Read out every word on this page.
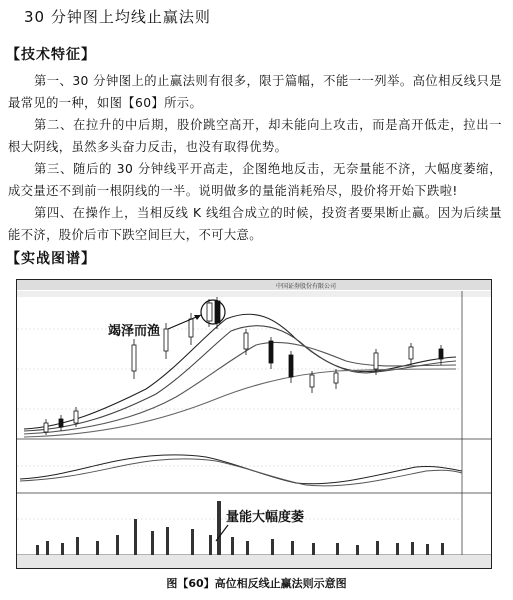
30 分钟图上均线止赢法则
【技术特征】
第一、30 分钟图上的止赢法则有很多，限于篇幅，不能一一列举。高位相反线只是最常见的一种，如图【60】所示。
第二、在拉升的中后期，股价跳空高开，却未能向上攻击，而是高开低走，拉出一根大阴线，虽然多头奋力反击，也没有取得优势。
第三、随后的 30 分钟线平开高走，企图绝地反击，无奈量能不济，大幅度萎缩，成交量还不到前一根阴线的一半。说明做多的量能消耗殆尽，股价将开始下跌啦!
第四、在操作上，当相反线 K 线组合成立的时候，投资者要果断止赢。因为后续量能不济，股价后市下跌空间巨大，不可大意。
【实战图谱】
中国证券股份有限公司
竭泽而渔
量能大幅度萎
图【60】高位相反线止赢法则示意图
